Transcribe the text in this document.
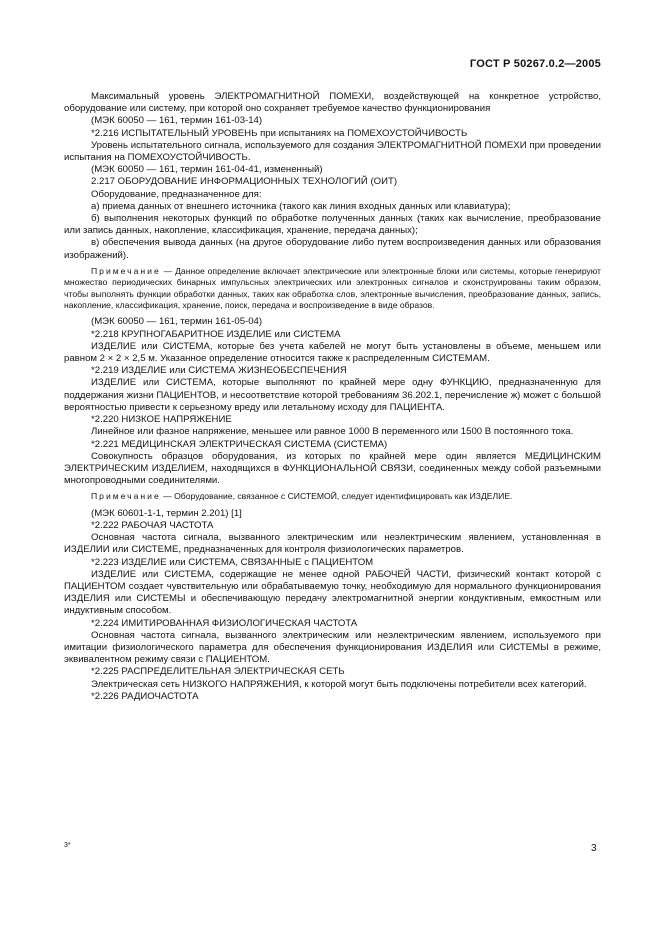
ГОСТ Р 50267.0.2—2005

Максимальный уровень ЭЛЕКТРОМАГНИТНОЙ ПОМЕХИ, воздействующей на конкретное устройство, оборудование или систему, при которой оно сохраняет требуемое качество функционирования

(МЭК 60050 — 161, термин 161-03-14)

*2.216 ИСПЫТАТЕЛЬНЫЙ УРОВЕНЬ при испытаниях на ПОМЕХОУСТОЙЧИВОСТЬ

Уровень испытательного сигнала, используемого для создания ЭЛЕКТРОМАГНИТНОЙ ПОМЕХИ при проведении испытания на ПОМЕХОУСТОЙЧИВОСТЬ.

(МЭК 60050 — 161, термин 161-04-41, измененный)

2.217 ОБОРУДОВАНИЕ ИНФОРМАЦИОННЫХ ТЕХНОЛОГИЙ (ОИТ)

Оборудование, предназначенное для:

а) приема данных от внешнего источника (такого как линия входных данных или клавиатура);

б) выполнения некоторых функций по обработке полученных данных (таких как вычисление, преобразование или запись данных, накопление, классификация, хранение, передача данных);

в) обеспечения вывода данных (на другое оборудование либо путем воспроизведения данных или образования изображений).

Примечание — Данное определение включает электрические или электронные блоки или системы, которые генерируют множество периодических бинарных импульсных электрических или электронных сигналов и сконструированы таким образом, чтобы выполнять функции обработки данных, таких как обработка слов, электронные вычисления, преобразование данных, запись, накопление, классификация, хранение, поиск, передача и воспроизведение в виде образов.

(МЭК 60050 — 161, термин 161-05-04)

*2.218 КРУПНОГАБАРИТНОЕ ИЗДЕЛИЕ или СИСТЕМА

ИЗДЕЛИЕ или СИСТЕМА, которые без учета кабелей не могут быть установлены в объеме, меньшем или равном 2 × 2 × 2,5 м. Указанное определение относится также к распределенным СИСТЕМАМ.

*2.219 ИЗДЕЛИЕ или СИСТЕМА ЖИЗНЕОБЕСПЕЧЕНИЯ

ИЗДЕЛИЕ или СИСТЕМА, которые выполняют по крайней мере одну ФУНКЦИЮ, предназначенную для поддержания жизни ПАЦИЕНТОВ, и несоответствие которой требованиям 36.202.1, перечисление ж) может с большой вероятностью привести к серьезному вреду или летальному исходу для ПАЦИЕНТА.

*2.220 НИЗКОЕ НАПРЯЖЕНИЕ

Линейное или фазное напряжение, меньшее или равное 1000 В переменного или 1500 В постоянного тока.

*2.221 МЕДИЦИНСКАЯ ЭЛЕКТРИЧЕСКАЯ СИСТЕМА (СИСТЕМА)

Совокупность образцов оборудования, из которых по крайней мере один является МЕДИЦИНСКИМ ЭЛЕКТРИЧЕСКИМ ИЗДЕЛИЕМ, находящихся в ФУНКЦИОНАЛЬНОЙ СВЯЗИ, соединенных между собой разъемными многопроводными соединителями.

Примечание — Оборудование, связанное с СИСТЕМОЙ, следует идентифицировать как ИЗДЕЛИЕ.

(МЭК 60601-1-1, термин 2.201) [1]

*2.222 РАБОЧАЯ ЧАСТОТА

Основная частота сигнала, вызванного электрическим или неэлектрическим явлением, установленная в ИЗДЕЛИИ или СИСТЕМЕ, предназначенных для контроля физиологических параметров.

*2.223 ИЗДЕЛИЕ или СИСТЕМА, СВЯЗАННЫЕ с ПАЦИЕНТОМ

ИЗДЕЛИЕ или СИСТЕМА, содержащие не менее одной РАБОЧЕЙ ЧАСТИ, физический контакт которой с ПАЦИЕНТОМ создает чувствительную или обрабатываемую точку, необходимую для нормального функционирования ИЗДЕЛИЯ или СИСТЕМЫ и обеспечивающую передачу электромагнитной энергии кондуктивным, емкостным или индуктивным способом.

*2.224 ИМИТИРОВАННАЯ ФИЗИОЛОГИЧЕСКАЯ ЧАСТОТА

Основная частота сигнала, вызванного электрическим или неэлектрическим явлением, используемого при имитации физиологического параметра для обеспечения функционирования ИЗДЕЛИЯ или СИСТЕМЫ в режиме, эквивалентном режиму связи с ПАЦИЕНТОМ.

*2.225 РАСПРЕДЕЛИТЕЛЬНАЯ ЭЛЕКТРИЧЕСКАЯ СЕТЬ

Электрическая сеть НИЗКОГО НАПРЯЖЕНИЯ, к которой могут быть подключены потребители всех категорий.

*2.226 РАДИОЧАСТОТА

3*	3
